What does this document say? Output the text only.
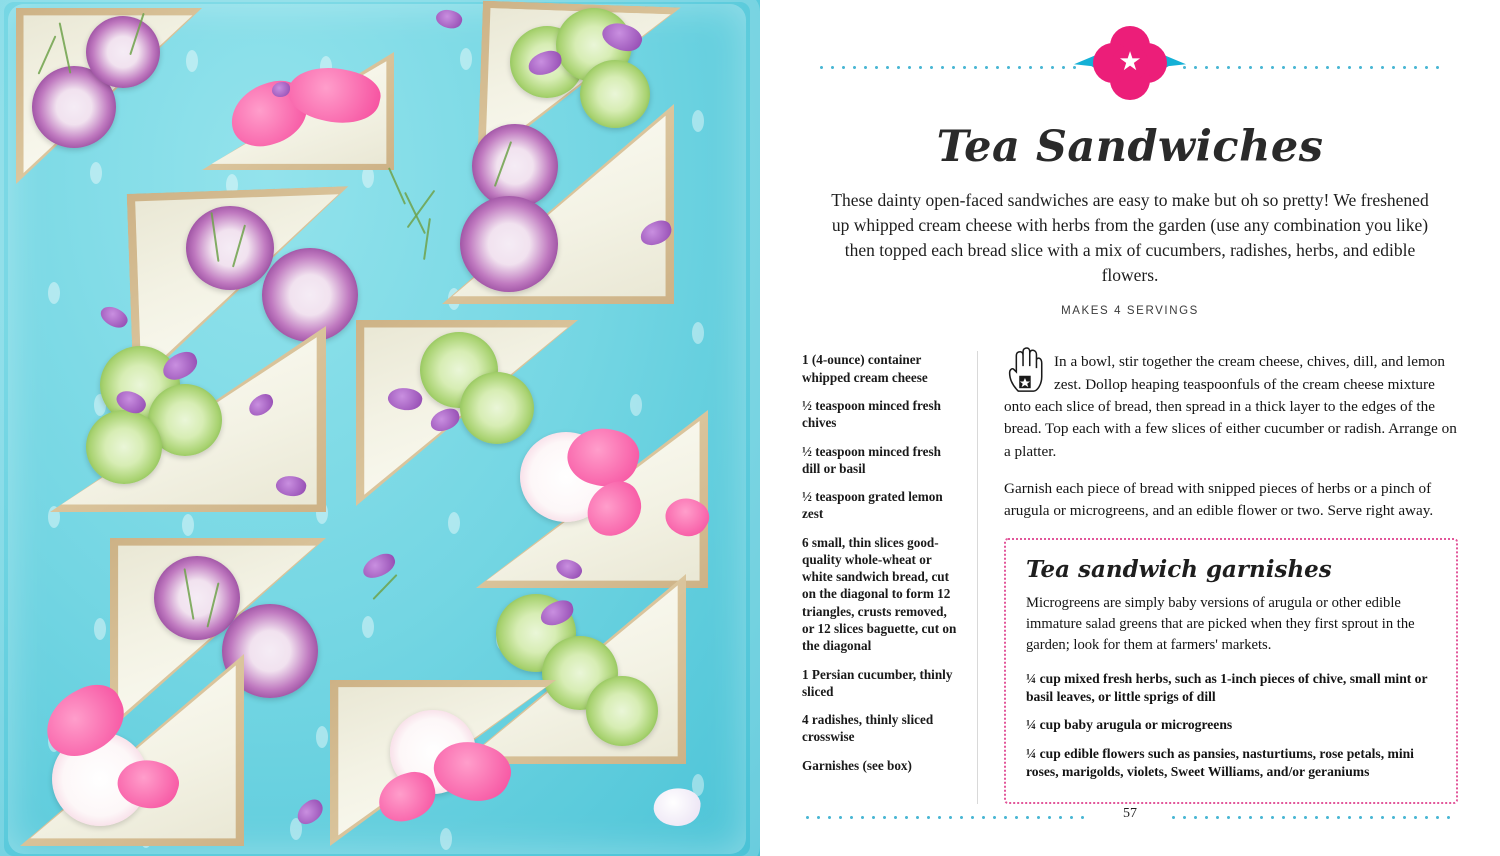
★
Tea Sandwiches

These dainty open-faced sandwiches are easy to make but oh so pretty! We freshened up whipped cream cheese with herbs from the garden (use any combination you like) then topped each bread slice with a mix of cucumbers, radishes, herbs, and edible flowers.

MAKES 4 SERVINGS
1 (4-ounce) container whipped cream cheese
½ teaspoon minced fresh chives
½ teaspoon minced fresh dill or basil
½ teaspoon grated lemon zest
6 small, thin slices good-quality whole-wheat or white sandwich bread, cut on the diagonal to form 12 triangles, crusts removed, or 12 slices baguette, cut on the diagonal
1 Persian cucumber, thinly sliced
4 radishes, thinly sliced crosswise
Garnishes (see box)

In a bowl, stir together the cream cheese, chives, dill, and lemon zest. Dollop heaping teaspoonfuls of the cream cheese mixture onto each slice of bread, then spread in a thick layer to the edges of the bread. Top each with a few slices of either cucumber or radish. Arrange on a platter.

Garnish each piece of bread with snipped pieces of herbs or a pinch of arugula or microgreens, and an edible flower or two. Serve right away.

Tea sandwich garnishes

Microgreens are simply baby versions of arugula or other edible immature salad greens that are picked when they first sprout in the garden; look for them at farmers' markets.

¼ cup mixed fresh herbs, such as 1-inch pieces of chive, small mint or basil leaves, or little sprigs of dill

¼ cup baby arugula or microgreens

¼ cup edible flowers such as pansies, nasturtiums, rose petals, mini roses, marigolds, violets, Sweet Williams, and/or geraniums

57
